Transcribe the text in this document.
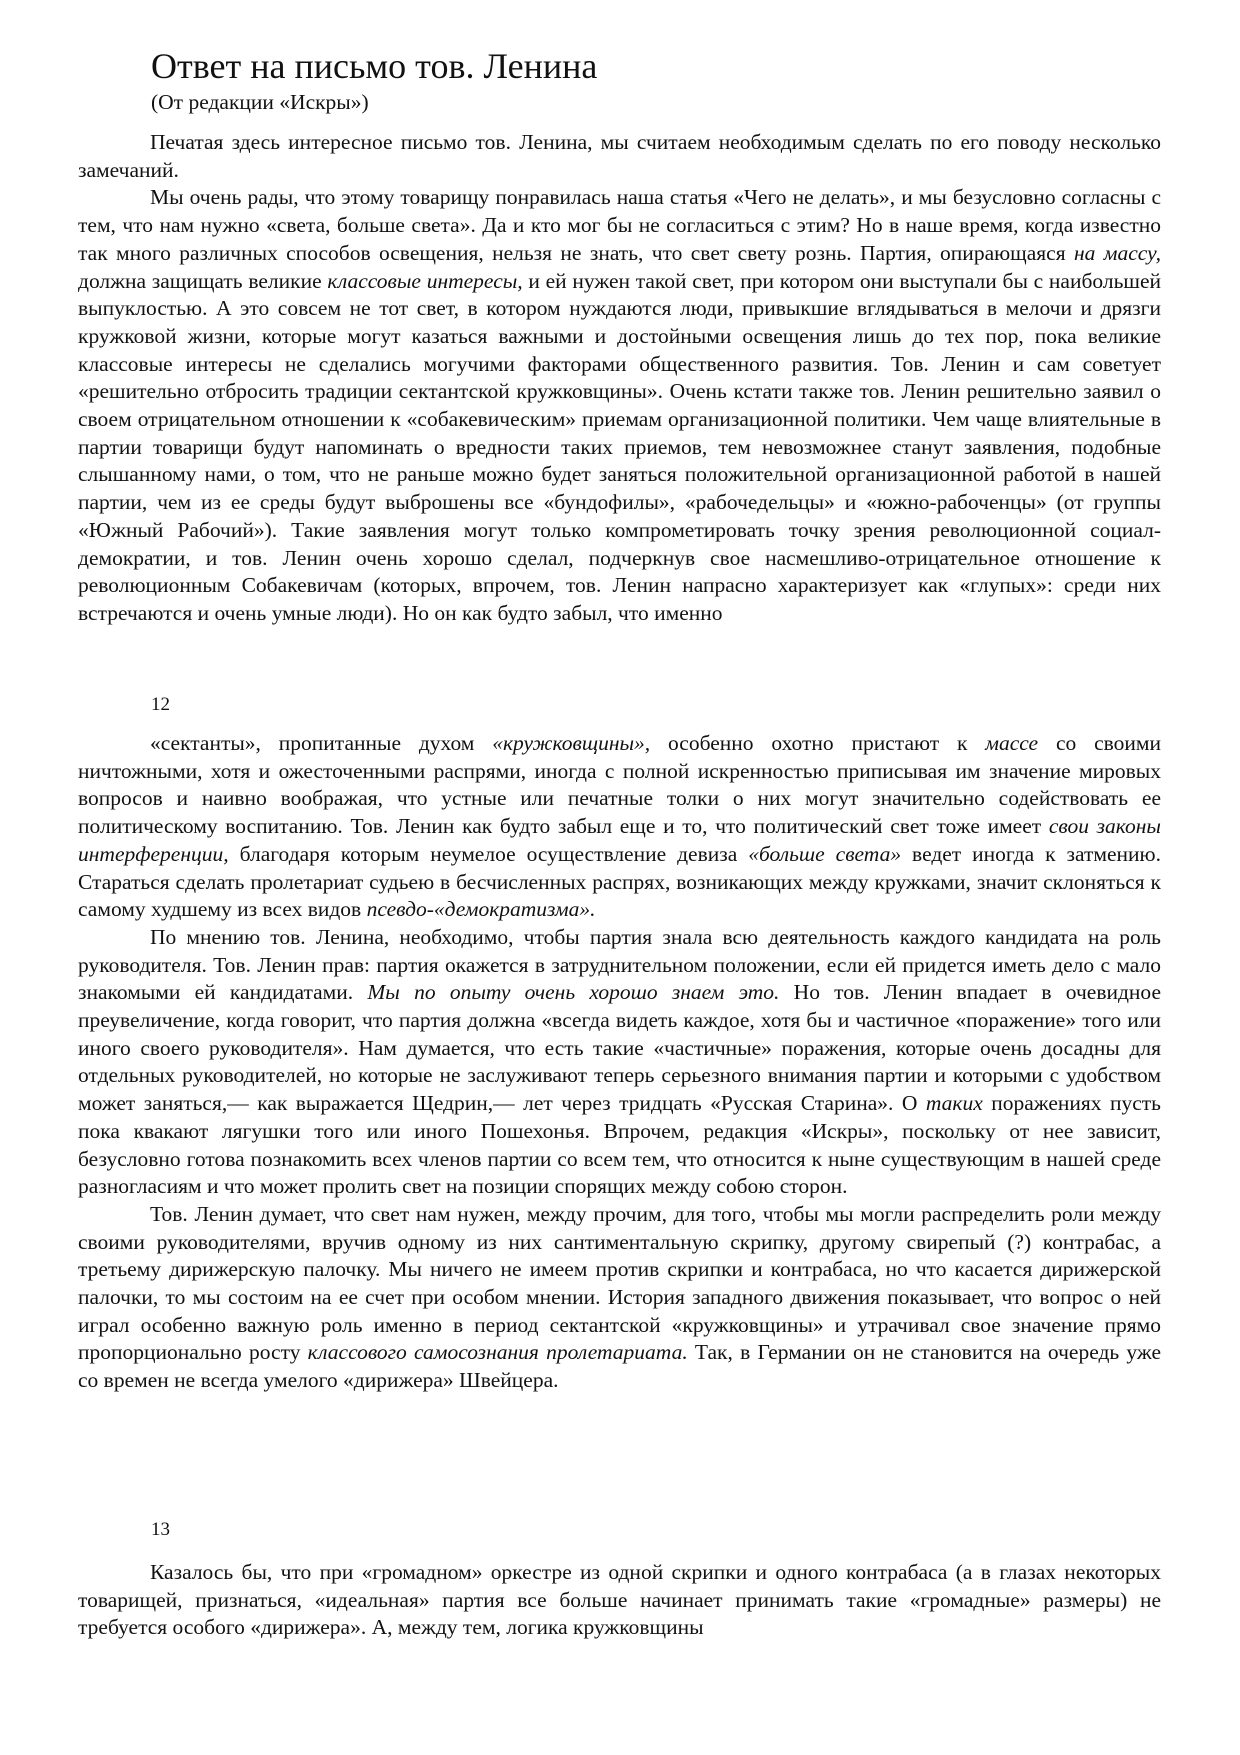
Ответ на письмо тов. Ленина
(От редакции «Искры»)

Печатая здесь интересное письмо тов. Ленина, мы считаем необходимым сделать по его поводу несколько замечаний.

Мы очень рады, что этому товарищу понравилась наша статья «Чего не делать», и мы безусловно согласны с тем, что нам нужно «света, больше света». Да и кто мог бы не согласиться с этим? Но в наше время, когда известно так много различных способов освещения, нельзя не знать, что свет свету рознь. Партия, опирающаяся на массу, должна защищать великие классовые интересы, и ей нужен такой свет, при котором они выступали бы с наибольшей выпуклостью. А это совсем не тот свет, в котором нуждаются люди, привыкшие вглядываться в мелочи и дрязги кружковой жизни, которые могут казаться важными и достойными освещения лишь до тех пор, пока великие классовые интересы не сделались могучими факторами общественного развития. Тов. Ленин и сам советует «решительно отбросить традиции сектантской кружковщины». Очень кстати также тов. Ленин решительно заявил о своем отрицательном отношении к «собакевическим» приемам организационной политики. Чем чаще влиятельные в партии товарищи будут напоминать о вредности таких приемов, тем невозможнее станут заявления, подобные слышанному нами, о том, что не раньше можно будет заняться положительной организационной работой в нашей партии, чем из ее среды будут выброшены все «бундофилы», «рабочедельцы» и «южно-рабоченцы» (от группы «Южный Рабочий»). Такие заявления могут только компрометировать точку зрения революционной социал-демократии, и тов. Ленин очень хорошо сделал, подчеркнув свое насмешливо-отрицательное отношение к революционным Собакевичам (которых, впрочем, тов. Ленин напрасно характеризует как «глупых»: среди них встречаются и очень умные люди). Но он как будто забыл, что именно

12

«сектанты», пропитанные духом «кружковщины», особенно охотно пристают к массе со своими ничтожными, хотя и ожесточенными распрями, иногда с полной искренностью приписывая им значение мировых вопросов и наивно воображая, что устные или печатные толки о них могут значительно содействовать ее политическому воспитанию. Тов. Ленин как будто забыл еще и то, что политический свет тоже имеет свои законы интерференции, благодаря которым неумелое осуществление девиза «больше света» ведет иногда к затмению. Стараться сделать пролетариат судьею в бесчисленных распрях, возникающих между кружками, значит склоняться к самому худшему из всех видов псевдо-«демократизма».

По мнению тов. Ленина, необходимо, чтобы партия знала всю деятельность каждого кандидата на роль руководителя. Тов. Ленин прав: партия окажется в затруднительном положении, если ей придется иметь дело с мало знакомыми ей кандидатами. Мы по опыту очень хорошо знаем это. Но тов. Ленин впадает в очевидное преувеличение, когда говорит, что партия должна «всегда видеть каждое, хотя бы и частичное «поражение» того или иного своего руководителя». Нам думается, что есть такие «частичные» поражения, которые очень досадны для отдельных руководителей, но которые не заслуживают теперь серьезного внимания партии и которыми с удобством может заняться,— как выражается Щедрин,— лет через тридцать «Русская Старина». О таких поражениях пусть пока квакают лягушки того или иного Пошехонья. Впрочем, редакция «Искры», поскольку от нее зависит, безусловно готова познакомить всех членов партии со всем тем, что относится к ныне существующим в нашей среде разногласиям и что может пролить свет на позиции спорящих между собою сторон.

Тов. Ленин думает, что свет нам нужен, между прочим, для того, чтобы мы могли распределить роли между своими руководителями, вручив одному из них сантиментальную скрипку, другому свирепый (?) контрабас, а третьему дирижерскую палочку. Мы ничего не имеем против скрипки и контрабаса, но что касается дирижерской палочки, то мы состоим на ее счет при особом мнении. История западного движения показывает, что вопрос о ней играл особенно важную роль именно в период сектантской «кружковщины» и утрачивал свое значение прямо пропорционально росту классового самосознания пролетариата. Так, в Германии он не становится на очередь уже со времен не всегда умелого «дирижера» Швейцера.

13

Казалось бы, что при «громадном» оркестре из одной скрипки и одного контрабаса (а в глазах некоторых товарищей, признаться, «идеальная» партия все больше начинает принимать такие «громадные» размеры) не требуется особого «дирижера». А, между тем, логика кружковщины
